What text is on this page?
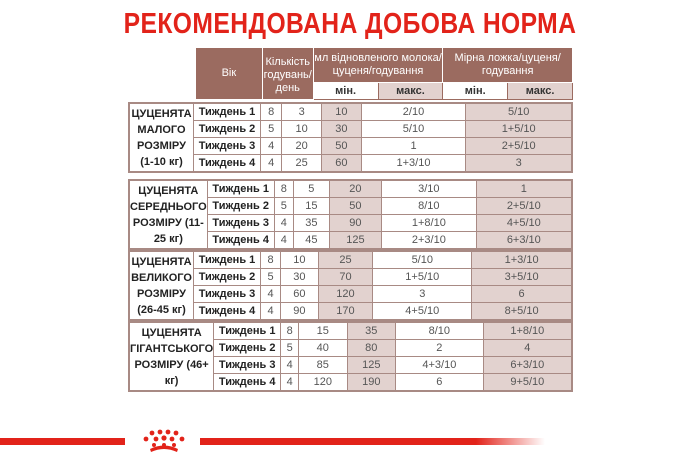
РЕКОМЕНДОВАНА ДОБОВА НОРМА
Вік	Кількість годувань/ день	мл відновленого молока/ цуценя/годування		Мірна ложка/цуценя/ годування	
		мін.	макс.	мін.	макс.
ЦУЦЕНЯТА МАЛОГО РОЗМІРУ (1-10 кг)	Тиждень 1	8	3	10	2/10	5/10
	Тиждень 2	5	10	30	5/10	1+5/10
	Тиждень 3	4	20	50	1	2+5/10
	Тиждень 4	4	25	60	1+3/10	3
ЦУЦЕНЯТА СЕРЕДНЬОГО РОЗМІРУ (11-25 кг)	Тиждень 1	8	5	20	3/10	1
	Тиждень 2	5	15	50	8/10	2+5/10
	Тиждень 3	4	35	90	1+8/10	4+5/10
	Тиждень 4	4	45	125	2+3/10	6+3/10
ЦУЦЕНЯТА ВЕЛИКОГО РОЗМІРУ (26-45 кг)	Тиждень 1	8	10	25	5/10	1+3/10
	Тиждень 2	5	30	70	1+5/10	3+5/10
	Тиждень 3	4	60	120	3	6
	Тиждень 4	4	90	170	4+5/10	8+5/10
ЦУЦЕНЯТА ГІГАНТСЬКОГО РОЗМІРУ (46+ кг)	Тиждень 1	8	15	35	8/10	1+8/10
	Тиждень 2	5	40	80	2	4
	Тиждень 3	4	85	125	4+3/10	6+3/10
	Тиждень 4	4	120	190	6	9+5/10
